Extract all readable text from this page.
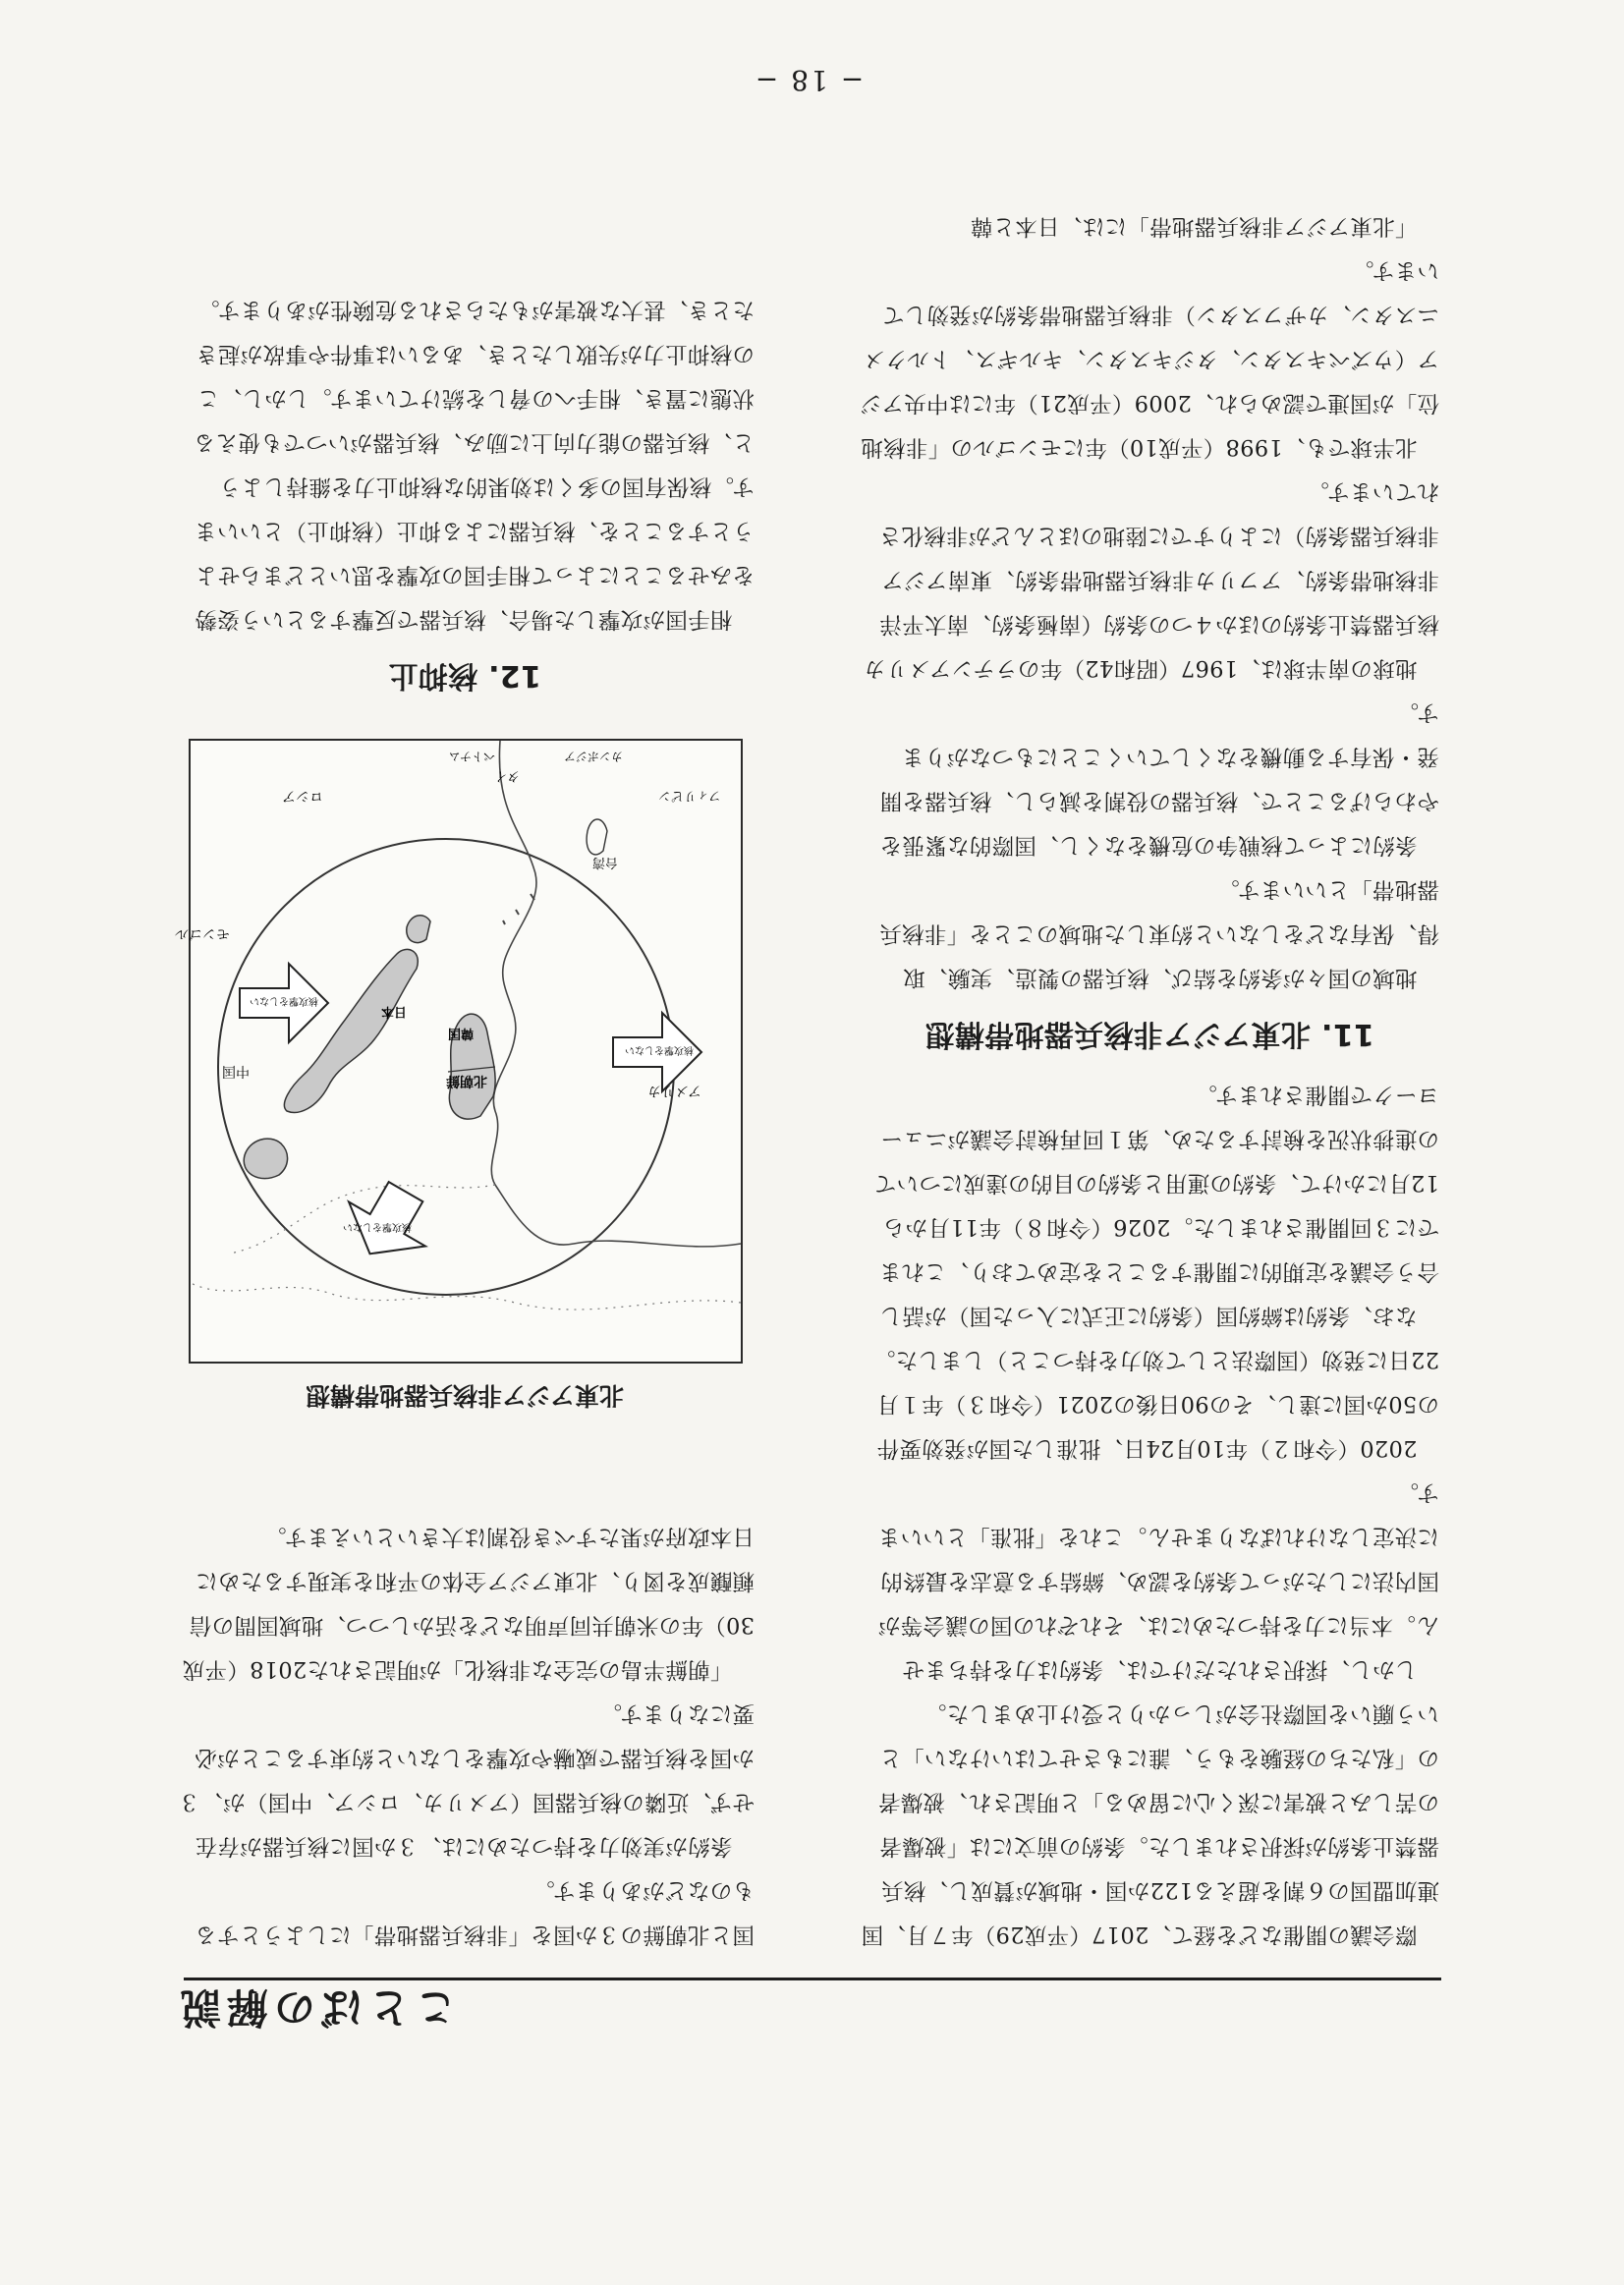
ことばの解説

際会議の開催などを経て、2017（平成29）年７月、国連加盟国の６割を超える122か国・地域が賛成し、核兵器禁止条約が採択されました。条約の前文には「被爆者の苦しみと被害に深く心に留める」と明記され、被爆者の「私たちの経験をもう、誰にもさせてはいけない」という願いを国際社会がしっかりと受け止めました。

しかし、採択されただけでは、条約は力を持ちません。本当に力を持つためには、それぞれの国の議会等が国内法にしたがって条約を認め、締結する意志を最終的に決定しなければなりません。これを「批准」といいます。

2020（令和２）年10月24日、批准した国が発効要件の50か国に達し、その90日後の2021（令和３）年１月22日に発効（国際法として効力を持つこと）しました。

なお、条約は締約国（条約に正式に入った国）が話し合う会議を定期的に開催することを定めており、これまでに３回開催されました。2026（令和８）年11月から12月にかけて、条約の運用と条約の目的の達成についての進捗状況を検討するため、第１回再検討会議がニューヨークで開催されます。

11. 北東アジア非核兵器地帯構想

地域の国々が条約を結び、核兵器の製造、実験、取得、保有などをしないと約束した地域のことを「非核兵器地帯」といいます。

条約によって核戦争の危機をなくし、国際的な緊張をやわらげることで、核兵器の役割を減らし、核兵器を開発・保有する動機をなくしていくことにもつながります。

地球の南半球は、1967（昭和42）年のラテンアメリカ核兵器禁止条約のほか４つの条約（南極条約、南太平洋非核地帯条約、アフリカ非核兵器地帯条約、東南アジア非核兵器条約）によりすでに陸地のほとんどが非核化されています。

北半球でも、1998（平成10）年にモンゴルの「非核地位」が国連で認められ、2009（平成21）年には中央アジア（ウズベキスタン、タジキスタン、キルギス、トルクメニスタン、カザフスタン）非核兵器地帯条約が発効しています。

「北東アジア非核兵器地帯」には、日本と韓

国と北朝鮮の３か国を「非核兵器地帯」にしようとするものなどがあります。

条約が実効力を持つためには、３か国に核兵器が存在せず、近隣の核兵器国（アメリカ、ロシア、中国）が、３か国を核兵器で威嚇や攻撃をしないと約束することが必要になります。

「朝鮮半島の完全な非核化」が明記された2018（平成30）年の米朝共同声明などを活かしつつ、地域国間の信頼醸成を図り、北東アジア全体の平和を実現するために日本政府が果たすべき役割は大きいといえます。

北東アジア非核兵器地帯構想
ロシア
モンゴル
中国
北朝鮮
韓国
日本
アメリカ
台湾
フィリピン
タイ
ベトナム	カンボジア
核攻撃をしない
核攻撃をしない
核攻撃をしない

12. 核抑止

相手国が攻撃した場合、核兵器で反撃するという姿勢をみせることによって相手国の攻撃を思いとどまらせようとすることを、核兵器による抑止（核抑止）といいます。核保有国の多くは効果的な核抑止力を維持しようと、核兵器の能力向上に励み、核兵器がいつでも使える状態に置き、相手への脅しを続けています。しかし、この核抑止力が失敗したとき、あるいは事件や事故が起きたとき、甚大な被害がもたらされる危険性があります。

− 18 −
